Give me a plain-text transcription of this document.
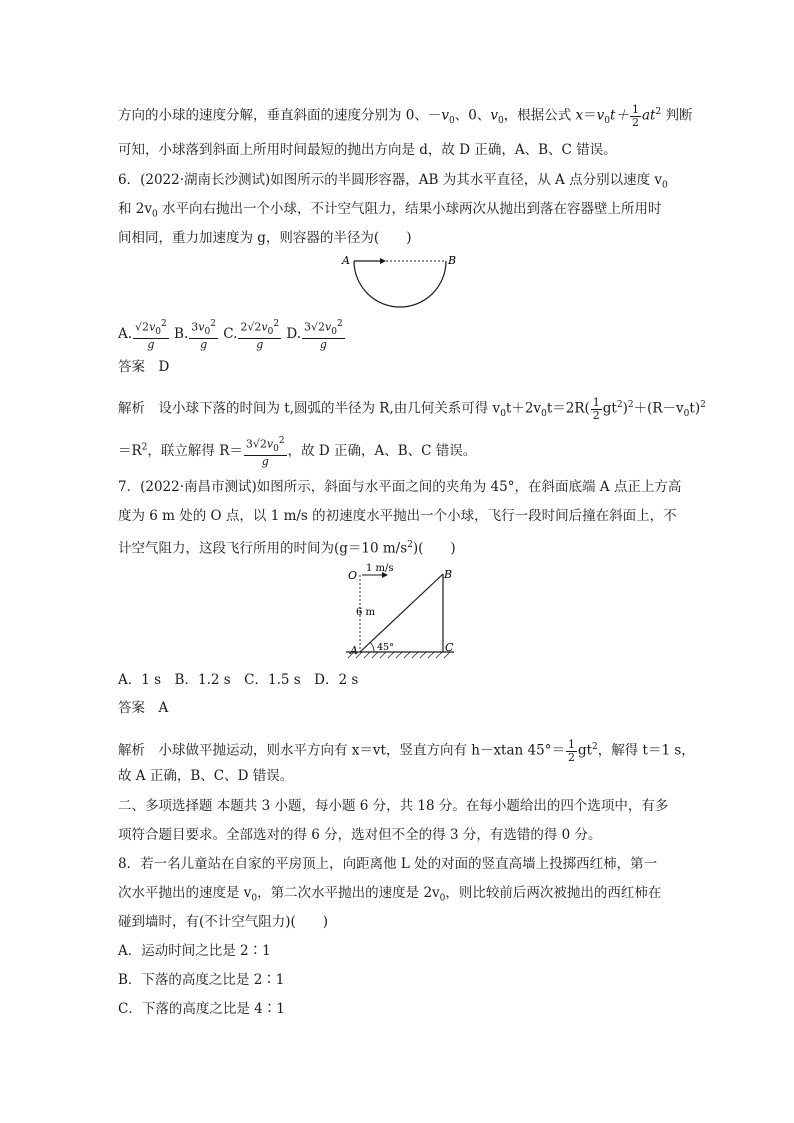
方向的小球的速度分解，垂直斜面的速度分别为 0、$-v_0$、0、$v_0$，根据公式 $x=v_0t+ \frac{1}{2} at^2$ 判断
可知，小球落到斜面上所用时间最短的抛出方向是 d，故 D 正确，A、B、C 错误。
6．(2022·湖南长沙测试)如图所示的半圆形容器，AB 为其水平直径，从 A 点分别以速度 $v_0$
和 $2v_0$ 水平向右抛出一个小球，不计空气阻力，结果小球两次从抛出到落在容器壁上所用时
间相同，重力加速度为 g，则容器的半径为(　　)
A	B
A. $\frac{√2v_0^2}{g} B$. $\frac{3v_0^2}{g} C$. $\frac{2√2v_0^2}{g} D$. $\frac{3√2v_0^2}{g}$
答案　 D
解析　 设小球下落的时间为 t,圆弧的半径为 R,由几何关系可得 $v_0t+2v_0t=2R( \frac{1}{2} gt^2)^2+(R-v_0t)^2$
$=R^2$，联立解得 $R= \frac{3√2v_0^2}{g}$ ，故 D 正确，A、B、C 错误。
7．(2022·南昌市测试)如图所示，斜面与水平面之间的夹角为 45°，在斜面底端 A 点正上方高
度为 6 m 处的 O 点，以 1 m/s 的初速度水平抛出一个小球，飞行一段时间后撞在斜面上，不
计空气阻力，这段飞行所用的时间为(g＝10 $m/s^2$)(　　)
O
1 m/s
6 m
A
B
C
45°
A．1 s　B．1.2 s　C．1.5 s　D．2 s
答案　 A
解析　 小球做平抛运动，则水平方向有 x＝vt，竖直方向有 h－xtan $45^\circ= \frac{1}{2} gt^2$，解得 t＝1 s，
故 A 正确，B、C、D 错误。
二、多项选择题 本题共 3 小题，每小题 6 分，共 18 分。在每小题给出的四个选项中，有多
项符合题目要求。全部选对的得 6 分，选对但不全的得 3 分，有选错的得 0 分。
8．若一名儿童站在自家的平房顶上，向距离他 L 处的对面的竖直高墙上投掷西红柿，第一
次水平抛出的速度是 $v_0$，第二次水平抛出的速度是 $2v_0$，则比较前后两次被抛出的西红柿在
碰到墙时，有(不计空气阻力)(　　)
A．运动时间之比是 2∶1
B．下落的高度之比是 2∶1
C．下落的高度之比是 4∶1
